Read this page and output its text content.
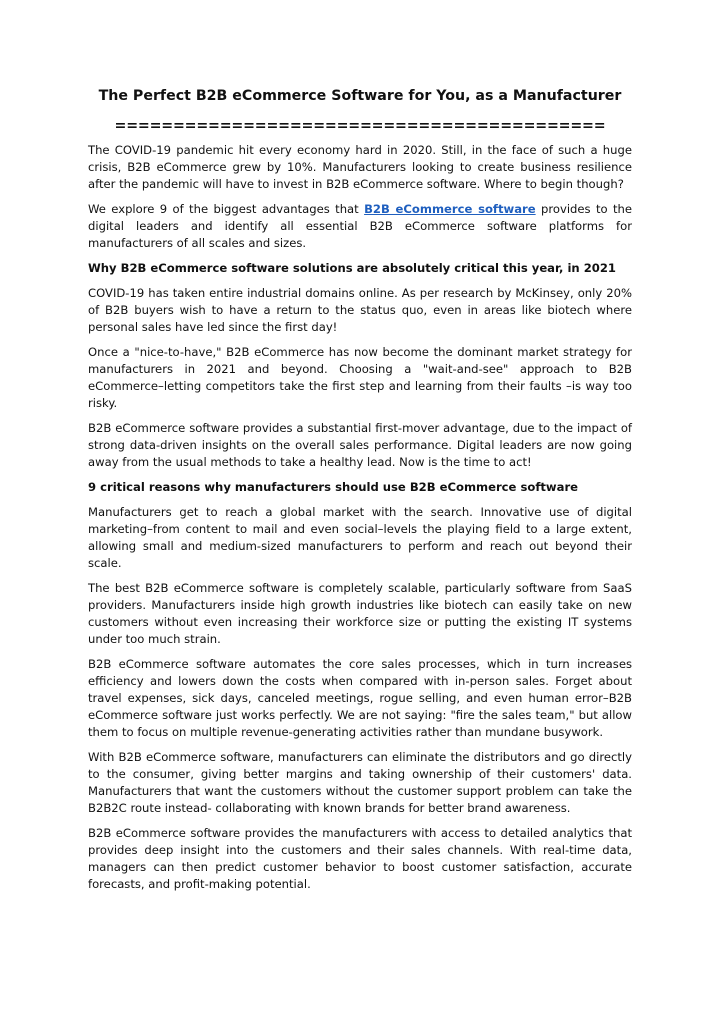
The Perfect B2B eCommerce Software for You, as a Manufacturer
==========================================

The COVID-19 pandemic hit every economy hard in 2020. Still, in the face of such a huge crisis, B2B eCommerce grew by 10%. Manufacturers looking to create business resilience after the pandemic will have to invest in B2B eCommerce software. Where to begin though?

We explore 9 of the biggest advantages that B2B eCommerce software provides to the digital leaders and identify all essential B2B eCommerce software platforms for manufacturers of all scales and sizes.

Why B2B eCommerce software solutions are absolutely critical this year, in 2021

COVID-19 has taken entire industrial domains online. As per research by McKinsey, only 20% of B2B buyers wish to have a return to the status quo, even in areas like biotech where personal sales have led since the first day!

Once a "nice-to-have," B2B eCommerce has now become the dominant market strategy for manufacturers in 2021 and beyond. Choosing a "wait-and-see" approach to B2B eCommerce–letting competitors take the first step and learning from their faults –is way too risky.

B2B eCommerce software provides a substantial first-mover advantage, due to the impact of strong data-driven insights on the overall sales performance. Digital leaders are now going away from the usual methods to take a healthy lead. Now is the time to act!

9 critical reasons why manufacturers should use B2B eCommerce software

Manufacturers get to reach a global market with the search. Innovative use of digital marketing–from content to mail and even social–levels the playing field to a large extent, allowing small and medium-sized manufacturers to perform and reach out beyond their scale.

The best B2B eCommerce software is completely scalable, particularly software from SaaS providers. Manufacturers inside high growth industries like biotech can easily take on new customers without even increasing their workforce size or putting the existing IT systems under too much strain.

B2B eCommerce software automates the core sales processes, which in turn increases efficiency and lowers down the costs when compared with in-person sales. Forget about travel expenses, sick days, canceled meetings, rogue selling, and even human error–B2B eCommerce software just works perfectly. We are not saying: "fire the sales team," but allow them to focus on multiple revenue-generating activities rather than mundane busywork.

With B2B eCommerce software, manufacturers can eliminate the distributors and go directly to the consumer, giving better margins and taking ownership of their customers' data. Manufacturers that want the customers without the customer support problem can take the B2B2C route instead- collaborating with known brands for better brand awareness.

B2B eCommerce software provides the manufacturers with access to detailed analytics that provides deep insight into the customers and their sales channels. With real-time data, managers can then predict customer behavior to boost customer satisfaction, accurate forecasts, and profit-making potential.
